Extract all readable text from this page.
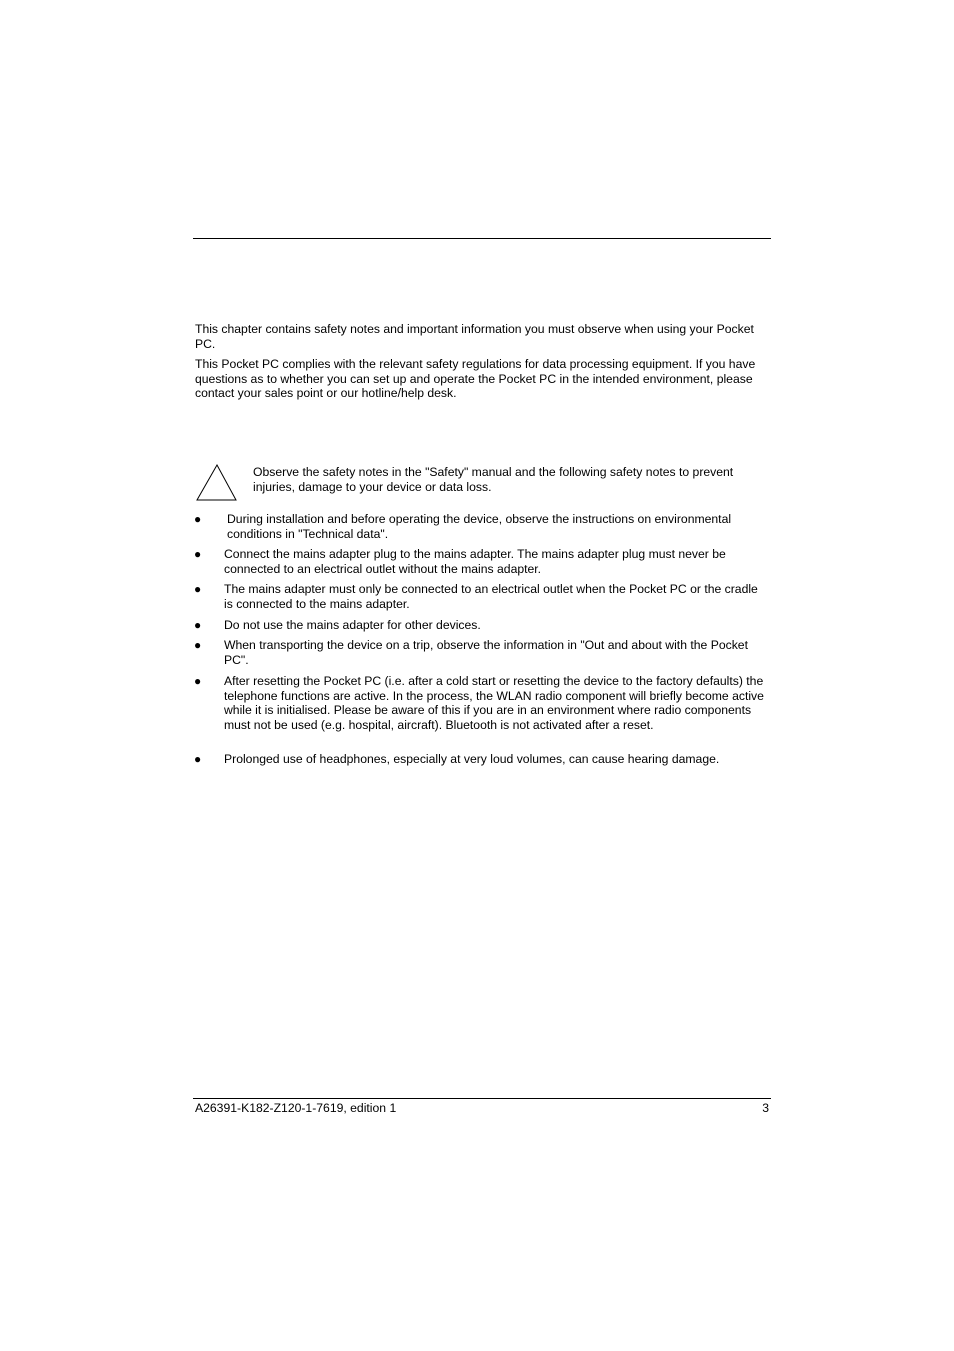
This chapter contains safety notes and important information you must observe when using your Pocket PC.

This Pocket PC complies with the relevant safety regulations for data processing equipment. If you have questions as to whether you can set up and operate the Pocket PC in the intended environment, please contact your sales point or our hotline/help desk.

Observe the safety notes in the "Safety" manual and the following safety notes to prevent injuries, damage to your device or data loss.

● During installation and before operating the device, observe the instructions on environmental conditions in "Technical data".

● Connect the mains adapter plug to the mains adapter. The mains adapter plug must never be connected to an electrical outlet without the mains adapter.

● The mains adapter must only be connected to an electrical outlet when the Pocket PC or the cradle is connected to the mains adapter.

● Do not use the mains adapter for other devices.

● When transporting the device on a trip, observe the information in "Out and about with the Pocket PC".

● After resetting the Pocket PC (i.e. after a cold start or resetting the device to the factory defaults) the telephone functions are active. In the process, the WLAN radio component will briefly become active while it is initialised. Please be aware of this if you are in an environment where radio components must not be used (e.g. hospital, aircraft). Bluetooth is not activated after a reset.

● Prolonged use of headphones, especially at very loud volumes, can cause hearing damage.

A26391-K182-Z120-1-7619, edition 1	3
